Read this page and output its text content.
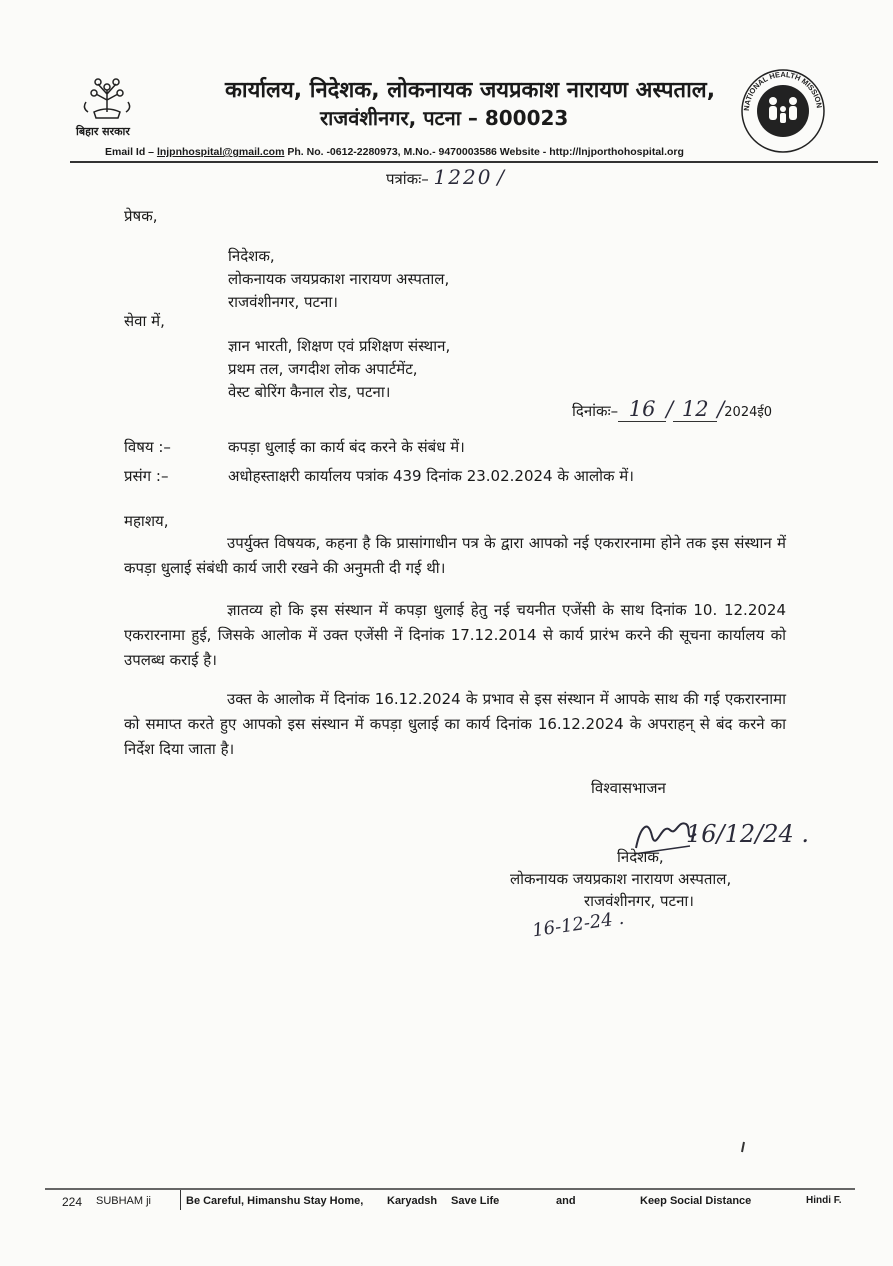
बिहार सरकार
कार्यालय, निदेशक, लोकनायक जयप्रकाश नारायण अस्पताल,
राजवंशीनगर, पटना – 800023	NATIONAL HEALTH MISSION
Email Id – lnjpnhospital@gmail.com Ph. No. -0612-2280973, M.No.- 9470003586 Website - http://lnjporthohospital.org
पत्रांकः– 1220 /
प्रेषक,
निदेशक,
लोकनायक जयप्रकाश नारायण अस्पताल,
राजवंशीनगर, पटना।
सेवा में,
ज्ञान भारती, शिक्षण एवं प्रशिक्षण संस्थान,
प्रथम तल, जगदीश लोक अपार्टमेंट,
वेस्ट बोरिंग कैनाल रोड, पटना।
दिनांकः– 16 / 12 /2024ई0
विषय :–	कपड़ा धुलाई का कार्य बंद करने के संबंध में।
प्रसंग :–	अधोहस्ताक्षरी कार्यालय पत्रांक 439 दिनांक 23.02.2024 के आलोक में।
महाशय,
उपर्युक्त विषयक, कहना है कि प्रासांगाधीन पत्र के द्वारा आपको नई एकरारनामा होने तक इस संस्थान में कपड़ा धुलाई संबंधी कार्य जारी रखने की अनुमती दी गई थी।
ज्ञातव्य हो कि इस संस्थान में कपड़ा धुलाई हेतु नई चयनीत एजेंसी के साथ दिनांक 10. 12.2024 एकरारनामा हुई, जिसके आलोक में उक्त एजेंसी नें दिनांक 17.12.2014 से कार्य प्रारंभ करने की सूचना कार्यालय को उपलब्ध कराई है।
उक्त के आलोक में दिनांक 16.12.2024 के प्रभाव से इस संस्थान में आपके साथ की गई एकरारनामा को समाप्त करते हुए आपको इस संस्थान में कपड़ा धुलाई का कार्य दिनांक 16.12.2024 के अपराहन् से बंद करने का निर्देश दिया जाता है।
विश्वासभाजन
16/12/24 .
निदेशक,
लोकनायक जयप्रकाश नारायण अस्पताल,
राजवंशीनगर, पटना।
16-12-24 .
224 SUBHAM ji	Be Careful, Himanshu Stay Home, Karyadsh Save Life	and	Keep Social Distance	Hindi F.
